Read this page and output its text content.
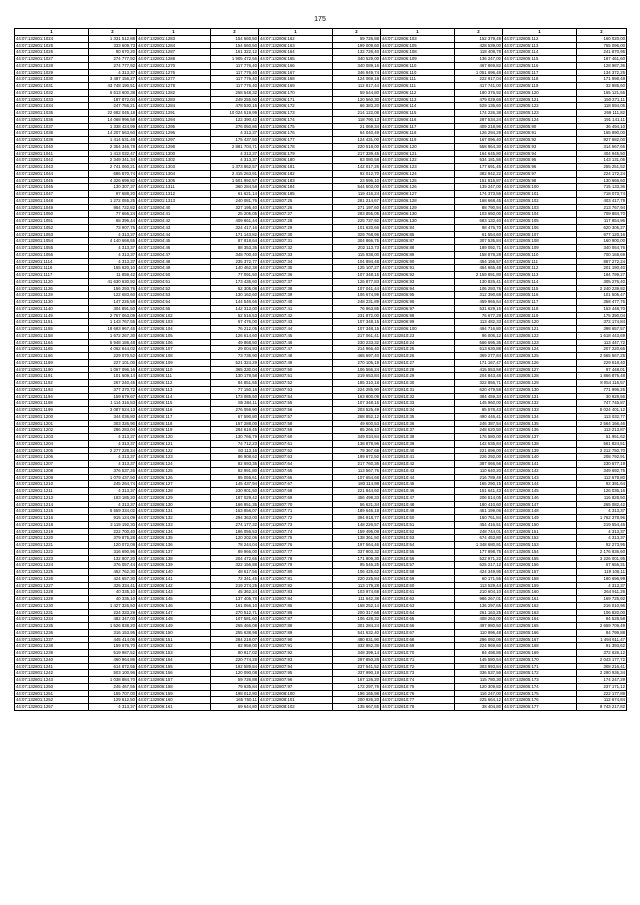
175
1	2	1	2	1	2	1	2	1	2
44:07:132801:1024	1 331 512,88	44:07:132801:1283	154 560,50	44:07:132806:162	59 726,88	44:07:132806:103	152 379,49	44:07:132805:112	160 020,00
44:07:132801:1025	333 609,73	44:07:132801:1284	154 560,50	44:07:132806:163	199 009,60	44:07:132806:105	428 539,00	44:07:132805:113	765 096,00
44:07:132801:1026	80 670,20	44:07:132801:1287	161 322,12	44:07:132806:164	132 726,40	44:07:132806:108	118 408,78	44:07:132805:114	241 870,95
44:07:132801:1027	274 777,92	44:07:132801:1288	1 905 472,56	44:07:132806:165	340 529,00	44:07:132806:109	136 247,00	44:07:132805:115	187 461,60
44:07:132801:1028	274 777,92	44:07:132801:1270	117 776,40	44:07:132806:166	340 089,16	44:07:132806:110	467 869,82	44:07:132805:116	128 987,36
44:07:132801:1029	4 313,37	44:07:132801:1276	117 776,40	44:07:132806:167	346 949,74	44:07:132806:110	1 051 696,48	44:07:132805:117	134 372,25
44:07:132801:1030	3 487 156,27	44:07:132801:1277	117 776,40	44:07:132806:168	124 069,18	44:07:132806:111	222 917,04	44:07:132805:118	171 998,48
44:07:132801:1031	43 748 190,51	44:07:132801:1278	117 776,40	44:07:132806:169	112 817,44	44:07:132806:111	417 741,00	44:07:132805:119	32 985,60
44:07:132801:1032	6 513 600,38	44:07:132801:1282	258 548,32	44:07:132806:170	59 544,80	44:07:132806:112	180 376,92	44:07:132805:120	165 121,55
44:07:132801:1033	187 872,04	44:07:132801:1283	249 255,50	44:07:132806:171	120 560,30	44:07:132806:113	479 029,68	44:07:132805:121	150 271,11
44:07:132801:1034	247 756,21	44:07:132801:1284	478 530,15	44:07:132806:172	66 383,20	44:07:132806:114	529 136,60	44:07:132805:122	118 594,05
44:07:132801:1035	22 682 045,18	44:07:132801:1291	10 024 519,99	44:07:132806:173	214 122,08	44:07:132806:115	174 226,38	44:07:132805:123	269 111,82
44:07:132801:1036	14 068 996,58	44:07:132801:1294	122 390,42	44:07:132806:174	118 790,13	44:07:132806:116	287 534,24	44:07:132805:124	191 141,11
44:07:132801:1037	1 338 424,99	44:07:132801:1295	276 050,86	44:07:132806:175	21 069,34	44:07:132806:117	409 218,96	44:07:132805:90	36 494,10
44:07:132801:1038	14 207 563,60	44:07:132801:1296	4 313,37	44:07:132806:176	64 040,49	44:07:132806:118	126 294,29	44:07:132805:91	165 890,00
44:07:132801:1039	1 414 531,48	44:07:132801:1297	175 437,50	44:07:132806:177	124 431,00	44:07:132806:119	167 096,40	44:07:132805:92	927 682,00
44:07:132801:1040	2 354 346,78	44:07:132801:1298	2 881 704,71	44:07:132806:178	220 518,00	44:07:132806:120	558 964,30	44:07:132805:93	314 567,65
44:07:132801:1041	1 413 032,47	44:07:132801:1300	4 313,37	44:07:132806:179	217 339,45	44:07:132806:121	164 645,80	44:07:132805:94	404 945,50
44:07:132801:1042	2 349 341,34	44:07:132801:1302	4 313,37	44:07:132806:180	83 080,58	44:07:132806:122	534 181,56	44:07:132805:95	143 131,05
44:07:132801:1043	2 741 060,21	44:07:132801:1303	1 373 862,57	44:07:132806:181	142 017,26	44:07:132806:123	177 691,45	44:07:132805:96	255 251,52
44:07:132801:1044	686 870,74	44:07:132801:1304	2 415 263,91	44:07:132806:182	92 012,70	44:07:132806:124	382 942,22	44:07:132805:97	224 172,24
44:07:132801:1045	4 326 699,82	44:07:132801:1306	1 501 992,57	44:07:132806:183	23 596,10	44:07:132806:125	151 815,87	44:07:132805:98	130 666,60
44:07:132801:1046	130 307,37	44:07:132801:1311	360 284,58	44:07:132806:184	544 503,00	44:07:132806:126	139 247,00	44:07:132805:100	715 133,36
44:07:132801:1047	97 688,20	44:07:132801:1312	61 621,14	44:07:132806:185	119 416,24	44:07:132806:127	174 373,56	44:07:132805:101	718 073,74
44:07:132801:1048	1 272 055,25	44:07:132801:1313	240 081,76	44:07:132807:25	281 214,67	44:07:132806:128	168 668,45	44:07:132805:102	403 417,79
44:07:132801:1049	864 722,82	44:07:132804:40	327 195,40	44:07:132807:26	271 197,60	44:07:132806:129	88 790,94	44:07:132805:103	213 767,94
44:07:132801:1050	77 666,24	44:07:132804:41	25 205,05	44:07:132807:27	283 855,05	44:07:132806:130	103 650,00	44:07:132805:104	709 884,70
44:07:132801:1051	68 396,44	44:07:132804:42	409 661,44	44:07:132807:28	225 737,92	44:07:132806:130	683 132,40	44:07:132805:105	117 854,96
44:07:132801:1052	73 907,76	44:07:132804:43	324 417,16	44:07:132807:29	101 620,66	44:07:132806:84	88 476,70	44:07:132805:106	620 306,27
44:07:132801:1053	4 313,37	44:07:132804:44	171 143,82	44:07:132807:30	329 768,96	44:07:132806:85	61 554,60	44:07:132805:107	977 120,16
44:07:132801:1054	4 140 668,55	44:07:132804:45	87 818,64	44:07:132807:31	304 866,75	44:07:132806:87	307 535,84	44:07:132805:108	160 900,00
44:07:132801:1055	4 313,37	44:07:132804:46	88 353,35	44:07:132807:32	202 113,73	44:07:132806:88	189 092,71	44:07:132805:109	340 064,76
44:07:132801:1056	4 313,37	44:07:132804:47	348 700,40	44:07:132807:33	115 938,00	44:07:132806:89	158 878,28	44:07:132805:110	700 168,69
44:07:132801:1114	4 313,37	44:07:132804:48	235 372,77	44:07:132807:34	104 894,48	44:07:132806:90	454 156,57	44:07:132805:111	867 272,24
44:07:132801:1116	165 620,10	44:07:132804:49	140 462,38	44:07:132807:35	125 107,27	44:07:132806:91	464 665,48	44:07:132805:112	201 190,40
44:07:132801:1117	11 859,42	44:07:132804:50	77 091,50	44:07:132807:36	107 348,15	44:07:132806:92	2 159 891,80	44:07:132805:113	184 799,27
44:07:132801:1120	41 630 630,92	44:07:132804:51	173 435,60	44:07:132807:37	126 877,83	44:07:132806:93	130 826,41	44:07:132805:114	305 276,40
44:07:132801:1126	156 293,76	44:07:132804:52	52 305,08	44:07:132807:38	107 041,44	44:07:132806:94	106 293,76	44:07:132805:115	2 240 239,82
44:07:132801:1129	122 683,60	44:07:132804:53	130 162,60	44:07:132807:39	106 674,99	44:07:132806:95	312 390,68	44:07:132805:116	101 506,47
44:07:132801:1130	147 226,58	44:07:132804:54	144 546,66	44:07:132807:40	248 231,89	44:07:132806:96	459 966,64	44:07:132805:117	358 477,76
44:07:132801:1140	304 891,50	44:07:132804:55	142 313,00	44:07:132807:41	76 963,85	44:07:132806:97	531 629,15	44:07:132805:118	153 448,70
44:07:132801:1149	2 767 063,09	44:07:132806:102	52 516,53	44:07:132807:42	231 872,00	44:07:132806:98	76 677,28	44:07:132805:119	175 390,04
44:07:132801:1151	1 143 767,55	44:07:132806:103	67 476,00	44:07:132807:43	107 348,15	44:07:132806:99	113 482,33	44:07:132805:120	372 174,84
44:07:132801:1155	18 693 967,45	44:07:132806:104	76 212,05	44:07:132807:44	107 348,15	44:07:132806:100	494 716,80	44:07:132805:121	398 657,57
44:07:132801:1158	1 672 267,30	44:07:132806:105	126 614,60	44:07:132807:45	217 061,41	44:07:132810:23	96 006,12	44:07:132805:122	1 618 443,69
44:07:132801:1164	5 948 186,48	44:07:132806:106	49 868,50	44:07:132807:46	230 233,32	44:07:132810:24	666 695,35	44:07:132805:123	113 447,72
44:07:132801:1165	4 062 644,02	44:07:132806:107	29 004,93	44:07:132807:47	214 966,40	44:07:132810:25	613 630,88	44:07:132805:124	207 220,66
44:07:132801:1166	229 070,52	44:07:132806:108	73 736,90	44:07:132807:48	465 697,40	44:07:132810:26	369 277,84	44:07:132805:125	2 565 567,25
44:07:132801:1189	227 101,00	44:07:132806:109	521 324,29	44:07:132807:49	270 105,19	44:07:132810:27	171 167,47	44:07:132805:126	229 618,40
44:07:132801:1190	1 067 096,16	44:07:132806:110	365 330,04	44:07:132807:50	106 566,24	44:07:132810:28	415 553,58	44:07:132805:127	97 448,01
44:07:132801:1191	101 609,14	44:07:132806:111	130 178,58	44:07:132807:51	219 653,84	44:07:132810:29	204 843,48	44:07:132805:128	1 866 876,48
44:07:132801:1192	267 240,45	44:07:132806:112	84 851,55	44:07:132807:52	185 310,18	44:07:132810:30	322 856,71	44:07:132805:129	8 054 116,57
44:07:132801:1193	377 370,72	44:07:132806:113	77 150,16	44:07:132807:53	224 285,90	44:07:132810:31	620 479,58	44:07:132805:130	771 996,25
44:07:132801:1194	159 679,67	44:07:132806:114	173 085,50	44:07:132807:54	163 800,09	44:07:132810:32	384 459,34	44:07:132805:131	30 929,56
44:07:132801:1198	1 114 316,53	44:07:132806:115	86 384,11	44:07:132807:55	107 348,15	44:07:132810:33	145 960,00	44:07:132805:132	747 745,87
44:07:132801:1199	3 087 524,13	44:07:132806:116	276 059,90	44:07:132807:56	203 525,49	44:07:132810:34	85 578,43	44:07:132805:133	8 024 401,12
44:07:132801:1200	344 036,80	44:07:132806:117	67 590,80	44:07:132807:57	268 852,12	44:07:132810:35	490 446,41	44:07:132805:134	113 032,77
44:07:132801:1201	303 326,90	44:07:132806:118	167 288,00	44:07:132807:58	49 600,53	44:07:132810:36	246 387,54	44:07:132805:135	2 564 166,46
44:07:132801:1202	286 283,04	44:07:132806:119	284 619,45	44:07:132807:59	85 266,10	44:07:132810:37	248 620,50	44:07:132805:136	112 213,87
44:07:132801:1203	4 313,37	44:07:132806:120	130 766,79	44:07:132807:60	349 034,84	44:07:132810:38	176 580,00	44:07:132805:137	51 951,62
44:07:132801:1204	4 313,37	44:07:132806:121	74 712,23	44:07:132807:61	138 878,96	44:07:132810:39	142 535,84	44:07:132805:138	561 824,51
44:07:132801:1205	2 277 228,24	44:07:132806:122	93 113,16	44:07:132807:62	79 367,68	44:07:132810:40	221 696,00	44:07:132805:139	2 212 750,70
44:07:132801:1206	4 313,37	44:07:132806:123	86 908,62	44:07:132807:63	199 672,50	44:07:132810:41	226 292,00	44:07:132805:140	208 792,91
44:07:132801:1207	4 313,37	44:07:132806:124	82 693,35	44:07:132807:64	217 760,36	44:07:132810:42	387 066,56	44:07:132805:141	230 677,19
44:07:132801:1208	376 537,26	44:07:132806:125	82 991,80	44:07:132807:65	113 567,76	44:07:132810:43	110 640,20	44:07:132805:142	349 692,75
44:07:132801:1209	1 079 437,50	44:07:132806:126	95 055,61	44:07:132807:66	107 654,68	44:07:132810:44	216 789,49	44:07:132805:143	112 678,80
44:07:132801:1210	245 264,74	44:07:132806:127	145 437,94	44:07:132807:67	180 114,98	44:07:132810:45	165 290,15	44:07:132805:144	92 391,64
44:07:132801:1211	4 313,37	44:07:132806:128	230 901,50	44:07:132807:68	221 844,60	44:07:132810:46	161 641,43	44:07:132805:145	126 036,16
44:07:132801:1213	183 185,20	44:07:132806:129	187 029,42	44:07:132807:69	456 498,33	44:07:132810:47	206 514,05	44:07:132805:146	116 828,50
44:07:132801:1214	4 313,37	44:07:132806:130	166 951,35	44:07:132807:70	56 621,34	44:07:132810:48	180 410,60	44:07:132805:147	265 082,42
44:07:132801:1215	5 559 334,02	44:07:132806:131	153 856,07	44:07:132807:71	189 646,18	44:07:132810:49	451 199,06	44:07:132805:148	4 313,37
44:07:132801:1216	915 124,09	44:07:132806:132	294 363,00	44:07:132807:72	394 918,77	44:07:132810:50	150 761,84	44:07:132805:149	1 762 378,96
44:07:132801:1218	2 119 192,30	44:07:132806:133	274 177,32	44:07:132807:73	148 226,57	44:07:132810:51	454 416,51	44:07:132805:150	219 554,46
44:07:132801:1219	222 700,40	44:07:132806:134	186 055,53	44:07:132807:74	159 495,09	44:07:132810:52	248 744,01	44:07:132805:151	4 313,37
44:07:132801:1220	379 875,28	44:07:132806:135	120 202,06	44:07:132807:75	138 361,50	44:07:132810:53	674 453,80	44:07:132805:152	4 313,37
44:07:132801:1221	120 072,08	44:07:132806:136	78 244,04	44:07:132807:76	197 564,46	44:07:132810:54	1 348 680,91	44:07:132805:153	92 273,95
44:07:132801:1222	316 690,96	44:07:132806:137	89 966,00	44:07:132807:77	337 903,32	44:07:132810:55	177 898,75	44:07:132805:154	2 176 836,60
44:07:132801:1223	132 807,20	44:07:132806:138	204 472,65	44:07:132807:78	171 809,30	44:07:132810:56	522 971,22	44:07:132805:155	3 226 001,95
44:07:132801:1224	376 057,44	44:07:132806:139	322 156,88	44:07:132807:79	95 546,25	44:07:132810:57	625 217,12	44:07:132805:156	67 656,31
44:07:132801:1225	452 762,30	44:07:132806:140	48 617,56	44:07:132807:80	106 425,62	44:07:132810:58	424 349,95	44:07:132805:157	119 106,11
44:07:132801:1226	424 657,30	44:07:132806:141	72 341,45	44:07:132807:81	220 225,84	44:07:132810:59	60 171,55	44:07:132805:158	180 696,99
44:07:132801:1227	325 334,41	44:07:132806:142	219 274,25	44:07:132807:82	113 179,28	44:07:132810:60	113 529,44	44:07:132805:159	4 313,37
44:07:132801:1228	40 335,10	44:07:132806:143	45 362,24	44:07:132807:83	103 974,68	44:07:132810:61	210 604,10	44:07:132805:160	264 911,26
44:07:132801:1229	40 335,10	44:07:132806:145	137 405,78	44:07:132807:84	111 642,38	44:07:132810:62	986 267,01	44:07:132805:161	169 725,92
44:07:132801:1230	1 427 326,50	44:07:132806:146	161 066,10	44:07:132807:85	168 252,14	44:07:132810:63	136 297,65	44:07:132805:162	216 010,96
44:07:132801:1231	224 333,28	44:07:132806:147	270 512,71	44:07:132807:86	200 317,68	44:07:132810:64	261 163,25	44:07:132805:163	106 820,00
44:07:132801:1234	482 347,00	44:07:132806:148	107 581,60	44:07:132807:87	106 428,32	44:07:132810:65	408 263,00	44:07:132805:164	94 528,58
44:07:132801:1235	1 526 838,20	44:07:132806:149	265 466,08	44:07:132807:88	301 284,24	44:07:132810:66	497 980,50	44:07:132805:165	2 659 709,49
44:07:132801:1236	316 153,95	44:07:132806:150	255 638,98	44:07:132807:89	541 632,40	44:07:132810:67	110 996,48	44:07:132805:166	84 799,88
44:07:132801:1237	445 414,06	44:07:132806:151	284 219,07	44:07:132807:90	480 831,90	44:07:132810:68	286 092,06	44:07:132805:167	1 494 611,47
44:07:132801:1238	159 676,70	44:07:132806:152	82 958,00	44:07:132807:91	332 952,36	44:07:132810:69	224 969,60	44:07:132805:168	91 393,62
44:07:132801:1239	519 987,52	44:07:132806:153	80 917,02	44:07:132807:92	348 399,14	44:07:132810:70	84 498,86	44:07:132805:169	372 626,12
44:07:132801:1240	460 964,86	44:07:132806:154	220 774,28	44:07:132807:93	297 850,28	44:07:132810:71	145 580,54	44:07:132805:170	2 043 177,72
44:07:132801:1241	614 872,56	44:07:132806:155	182 589,84	44:07:132807:94	237 541,52	44:07:132810:72	303 993,84	44:07:132805:171	308 216,41
44:07:132801:1242	503 100,96	44:07:132806:156	120 090,08	44:07:132807:95	337 990,19	44:07:132810:73	336 537,56	44:07:132805:172	2 290 936,34
44:07:132801:1243	1 038 884,70	44:07:132806:157	59 726,88	44:07:132807:96	167 126,20	44:07:132810:74	115 780,30	44:07:132805:173	174 247,29
44:07:132801:1250	245 467,55	44:07:132806:158	79 635,84	44:07:132807:97	172 297,76	44:07:132810:75	120 309,82	44:07:132805:174	237 171,12
44:07:132801:1251	155 707,00	44:07:132806:159	198 012,80	44:07:132808:100	196 165,98	44:07:132810:76	116 247,00	44:07:132805:175	222 177,89
44:07:132801:1252	129 612,50	44:07:132806:160	165 760,11	44:07:132808:101	200 926,20	44:07:132810:77	225 664,12	44:07:132805:176	112 674,84
44:07:132801:1257	4 313,37	44:07:132806:161	69 644,80	44:07:132808:102	135 667,55	44:07:132810:78	38 404,80	44:07:132805:177	8 743 217,82
